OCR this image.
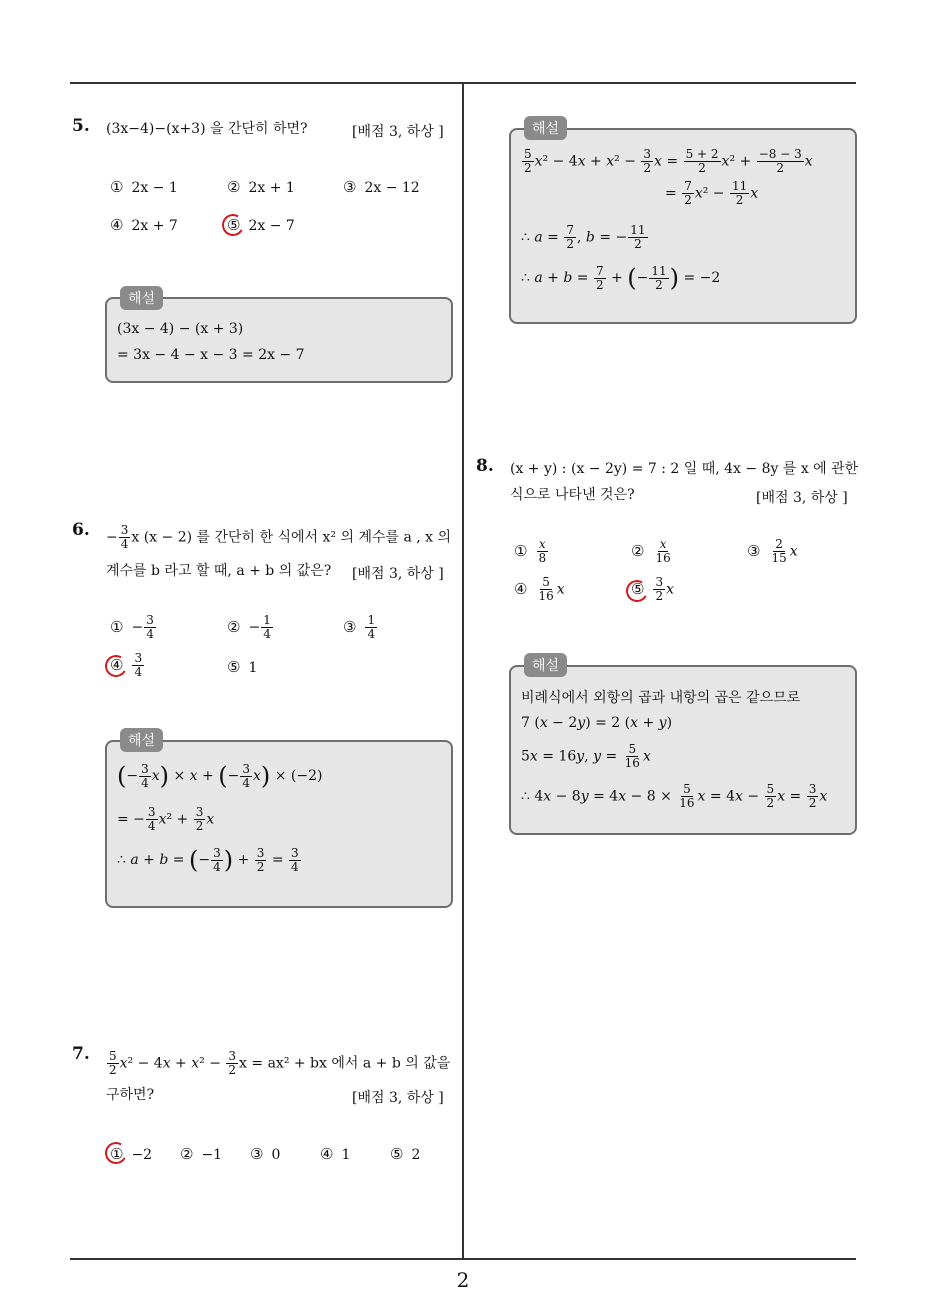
2
5. (3x−4)−(x+3) 을 간단히 하면?	[배점 3, 하상 ]
① 2x − 1	② 2x + 1	③ 2x − 12
④ 2x + 7	⑤ 2x − 7
(3x − 4) − (x + 3)
= 3x − 4 − x − 3 = 2x − 7
해설
6. − $\frac{3}{4}$ x (x − 2) 를 간단히 한 식에서 x² 의 계수를 a , x 의
계수를 b 라고 할 때, a + b 의 값은? [배점 3, 하상 ]
① − $\frac{3}{4}$	② − $\frac{1}{4}$	③ $\frac{1}{4}$
④ $\frac{3}{4}$	⑤ 1
(− $\frac{3}{4} x) \times x$ + (− $\frac{3}{4} x) \times (-2)$
= − $\frac{3}{4} x^2 + \frac{3}{2}$ x
∴ a + b = (− $\frac{3}{4}$ ) + $\frac{3}{2} = \frac{3}{4}$
해설
7. $\frac{5}{2} x^2 - 4x + x^2 - \frac{3}{2}$ x = ax² + bx 에서 a + b 의 값을
구하면?	[배점 3, 하상 ]
① −2 ② −1 ③ 0	④ 1	⑤ 2
$\frac{5}{2} x^2 - 4x + x^2 - \frac{3}{2}$ $x = \frac{5 + 2}{2} x^2 + \frac{-8 - 3}{2}$ x
= $\frac{7}{2} x^2 - \frac{11}{2}$ x
∴ $a = \frac{7}{2}$ , b = − $\frac{11}{2}$
∴ $a + b = \frac{7}{2}$ + (− $\frac{11}{2}$ ) = −2
해설
8. (x + y) : (x − 2y) = 7 : 2 일 때, 4x − 8y 를 x 에 관한
식으로 나타낸 것은?	[배점 3, 하상 ]
① $\frac{x}{8}$	② $\frac{x}{16}$	③ $\frac{2}{15}$ x
④ $\frac{5}{16}$ x	⑤ $\frac{3}{2}$ x
비례식에서 외항의 곱과 내항의 곱은 같으므로
7 (x − 2y) = 2 (x + y)
5x = 16y, $y = \frac{5}{16}$ x
∴ $4x - 8y = 4x - 8 \times \frac{5}{16}$ $x = 4x - \frac{5}{2}$ $x = \frac{3}{2}$ x
해설
